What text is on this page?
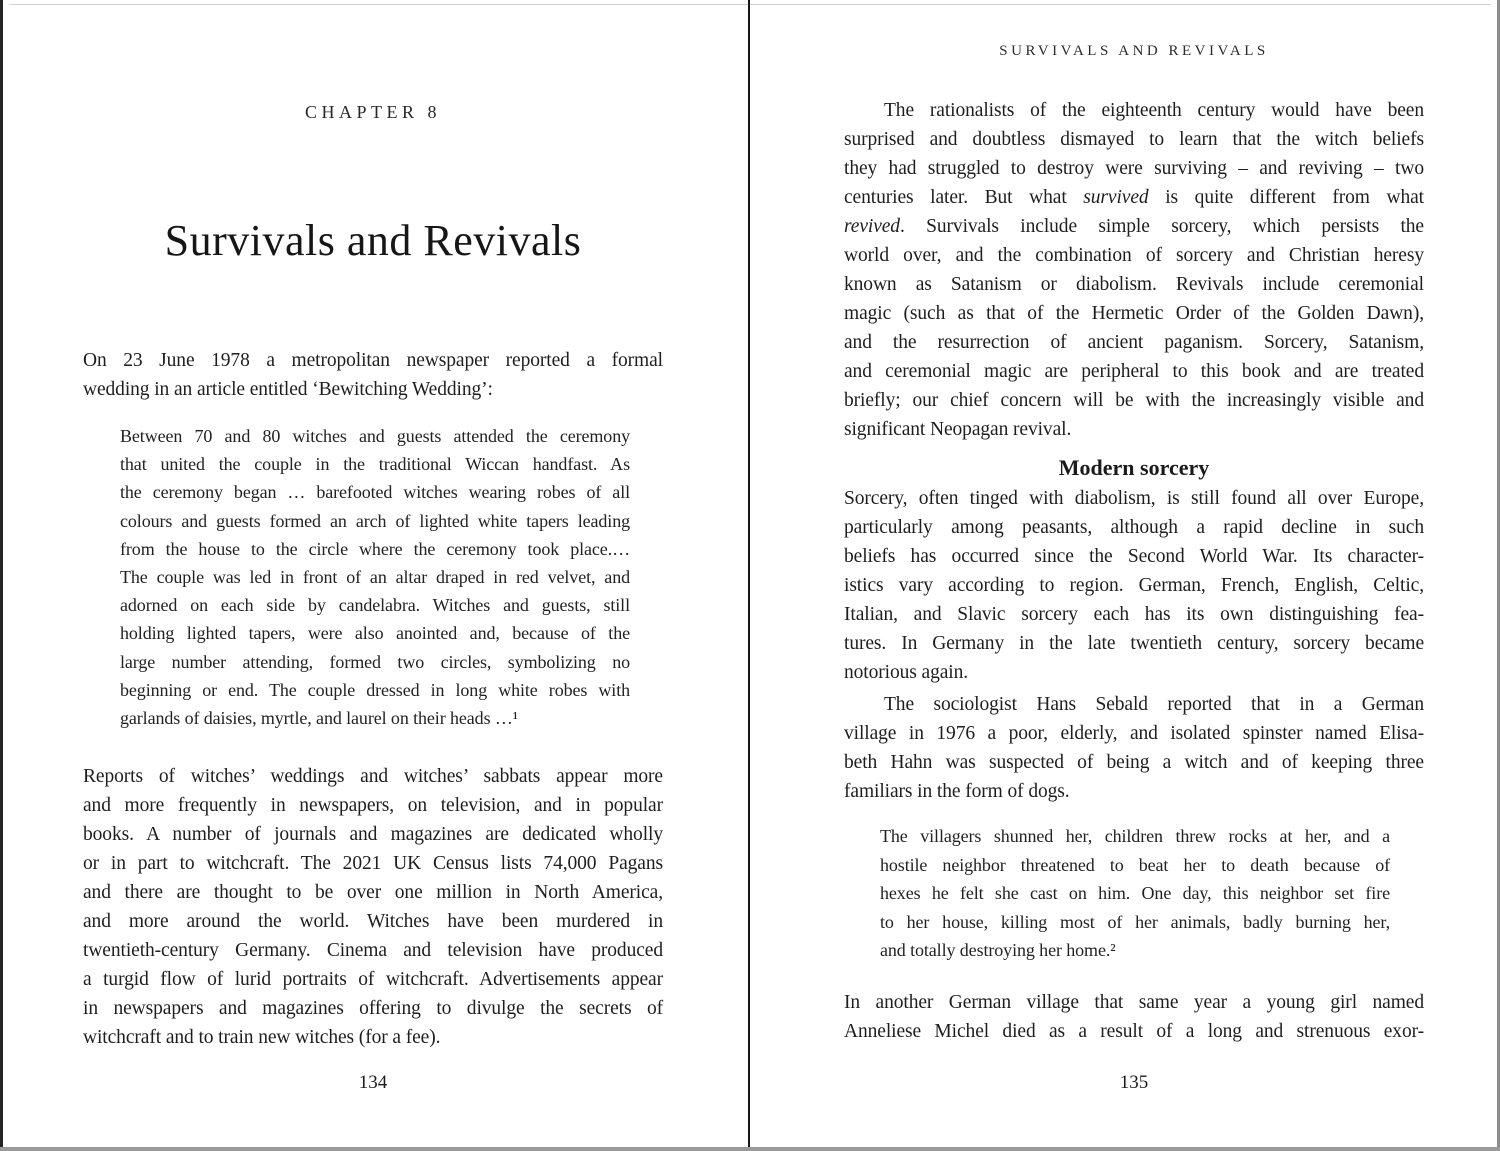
CHAPTER 8
Survivals and Revivals
On 23 June 1978 a metropolitan newspaper reported a formal
wedding in an article entitled ‘Bewitching Wedding’:
Between 70 and 80 witches and guests attended the ceremony
that united the couple in the traditional Wiccan handfast. As
the ceremony began … barefooted witches wearing robes of all
colours and guests formed an arch of lighted white tapers leading
from the house to the circle where the ceremony took place.…
The couple was led in front of an altar draped in red velvet, and
adorned on each side by candelabra. Witches and guests, still
holding lighted tapers, were also anointed and, because of the
large number attending, formed two circles, symbolizing no
beginning or end. The couple dressed in long white robes with
garlands of daisies, myrtle, and laurel on their heads …¹
Reports of witches’ weddings and witches’ sabbats appear more
and more frequently in newspapers, on television, and in popular
books. A number of journals and magazines are dedicated wholly
or in part to witchcraft. The 2021 UK Census lists 74,000 Pagans
and there are thought to be over one million in North America,
and more around the world. Witches have been murdered in
twentieth-century Germany. Cinema and television have produced
a turgid flow of lurid portraits of witchcraft. Advertisements appear
in newspapers and magazines offering to divulge the secrets of
witchcraft and to train new witches (for a fee).
134
SURVIVALS AND REVIVALS
The rationalists of the eighteenth century would have been
surprised and doubtless dismayed to learn that the witch beliefs
they had struggled to destroy were surviving – and reviving – two
centuries later. But what survived is quite different from what
revived. Survivals include simple sorcery, which persists the
world over, and the combination of sorcery and Christian heresy
known as Satanism or diabolism. Revivals include ceremonial
magic (such as that of the Hermetic Order of the Golden Dawn),
and the resurrection of ancient paganism. Sorcery, Satanism,
and ceremonial magic are peripheral to this book and are treated
briefly; our chief concern will be with the increasingly visible and
significant Neopagan revival.
Modern sorcery
Sorcery, often tinged with diabolism, is still found all over Europe,
particularly among peasants, although a rapid decline in such
beliefs has occurred since the Second World War. Its character-
istics vary according to region. German, French, English, Celtic,
Italian, and Slavic sorcery each has its own distinguishing fea-
tures. In Germany in the late twentieth century, sorcery became
notorious again.
The sociologist Hans Sebald reported that in a German
village in 1976 a poor, elderly, and isolated spinster named Elisa-
beth Hahn was suspected of being a witch and of keeping three
familiars in the form of dogs.
The villagers shunned her, children threw rocks at her, and a
hostile neighbor threatened to beat her to death because of
hexes he felt she cast on him. One day, this neighbor set fire
to her house, killing most of her animals, badly burning her,
and totally destroying her home.²
In another German village that same year a young girl named
Anneliese Michel died as a result of a long and strenuous exor-
135
